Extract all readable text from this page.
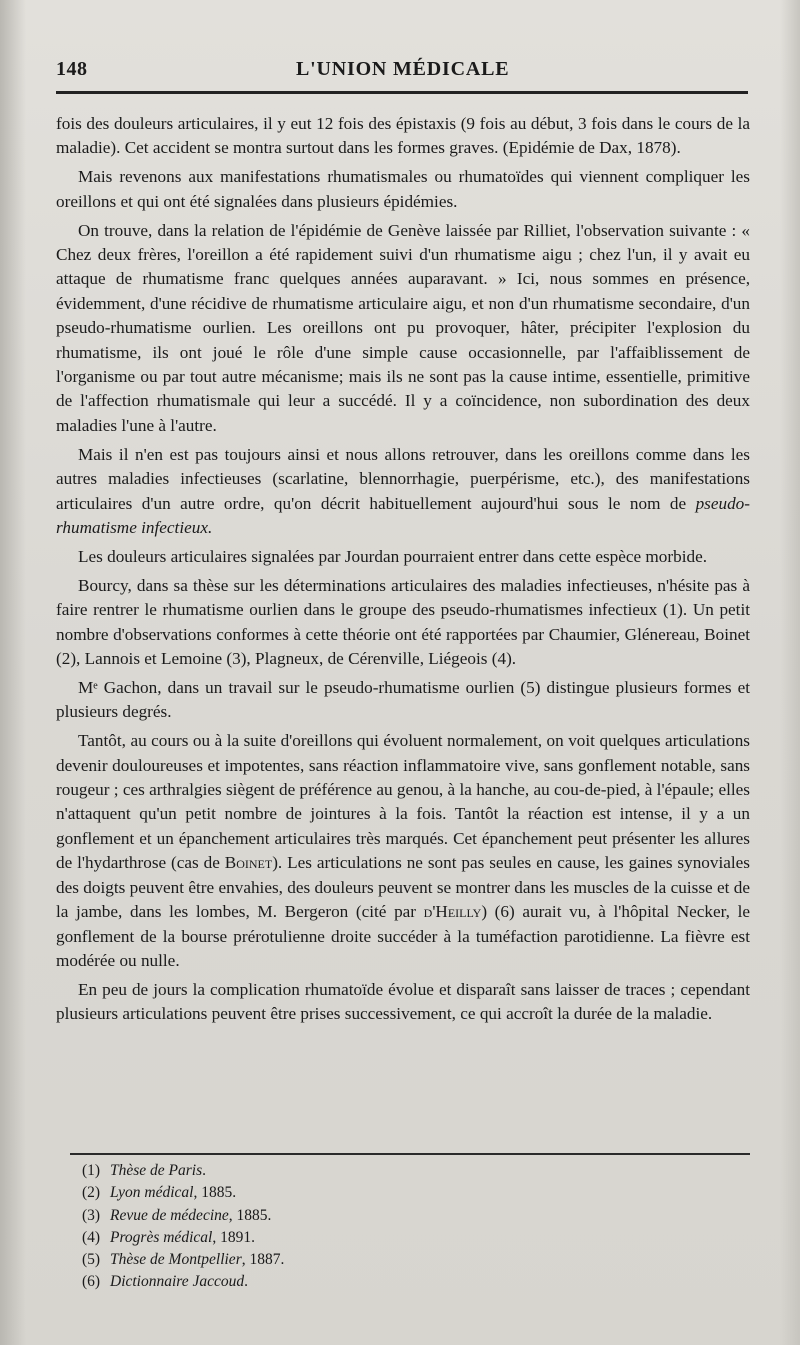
148	L'UNION MÉDICALE

fois des douleurs articulaires, il y eut 12 fois des épistaxis (9 fois au début, 3 fois dans le cours de la maladie). Cet accident se montra surtout dans les formes graves. (Epidémie de Dax, 1878).

Mais revenons aux manifestations rhumatismales ou rhumatoïdes qui viennent compliquer les oreillons et qui ont été signalées dans plusieurs épidémies.

On trouve, dans la relation de l'épidémie de Genève laissée par Rilliet, l'observation suivante : « Chez deux frères, l'oreillon a été rapidement suivi d'un rhumatisme aigu ; chez l'un, il y avait eu attaque de rhumatisme franc quelques années auparavant. » Ici, nous sommes en présence, évidemment, d'une récidive de rhumatisme articulaire aigu, et non d'un rhumatisme secondaire, d'un pseudo-rhumatisme ourlien. Les oreillons ont pu provoquer, hâter, précipiter l'explosion du rhumatisme, ils ont joué le rôle d'une simple cause occasionnelle, par l'affaiblissement de l'organisme ou par tout autre mécanisme; mais ils ne sont pas la cause intime, essentielle, primitive de l'affection rhumatismale qui leur a succédé. Il y a coïncidence, non subordination des deux maladies l'une à l'autre.

Mais il n'en est pas toujours ainsi et nous allons retrouver, dans les oreillons comme dans les autres maladies infectieuses (scarlatine, blennorrhagie, puerpérisme, etc.), des manifestations articulaires d'un autre ordre, qu'on décrit habituellement aujourd'hui sous le nom de pseudo-rhumatisme infectieux.

Les douleurs articulaires signalées par Jourdan pourraient entrer dans cette espèce morbide.

Bourcy, dans sa thèse sur les déterminations articulaires des maladies infectieuses, n'hésite pas à faire rentrer le rhumatisme ourlien dans le groupe des pseudo-rhumatismes infectieux (1). Un petit nombre d'observations conformes à cette théorie ont été rapportées par Chaumier, Glénereau, Boinet (2), Lannois et Lemoine (3), Plagneux, de Cérenville, Liégeois (4).

Mᵉ Gachon, dans un travail sur le pseudo-rhumatisme ourlien (5) distingue plusieurs formes et plusieurs degrés.

Tantôt, au cours ou à la suite d'oreillons qui évoluent normalement, on voit quelques articulations devenir douloureuses et impotentes, sans réaction inflammatoire vive, sans gonflement notable, sans rougeur ; ces arthralgies siègent de préférence au genou, à la hanche, au cou-de-pied, à l'épaule; elles n'attaquent qu'un petit nombre de jointures à la fois. Tantôt la réaction est intense, il y a un gonflement et un épanchement articulaires très marqués. Cet épanchement peut présenter les allures de l'hydarthrose (cas de Boinet). Les articulations ne sont pas seules en cause, les gaines synoviales des doigts peuvent être envahies, des douleurs peuvent se montrer dans les muscles de la cuisse et de la jambe, dans les lombes, M. Bergeron (cité par d'Heilly) (6) aurait vu, à l'hôpital Necker, le gonflement de la bourse prérotulienne droite succéder à la tuméfaction parotidienne. La fièvre est modérée ou nulle.

En peu de jours la complication rhumatoïde évolue et disparaît sans laisser de traces ; cependant plusieurs articulations peuvent être prises successivement, ce qui accroît la durée de la maladie.

(1) Thèse de Paris.
(2) Lyon médical, 1885.
(3) Revue de médecine, 1885.
(4) Progrès médical, 1891.
(5) Thèse de Montpellier, 1887.
(6) Dictionnaire Jaccoud.
